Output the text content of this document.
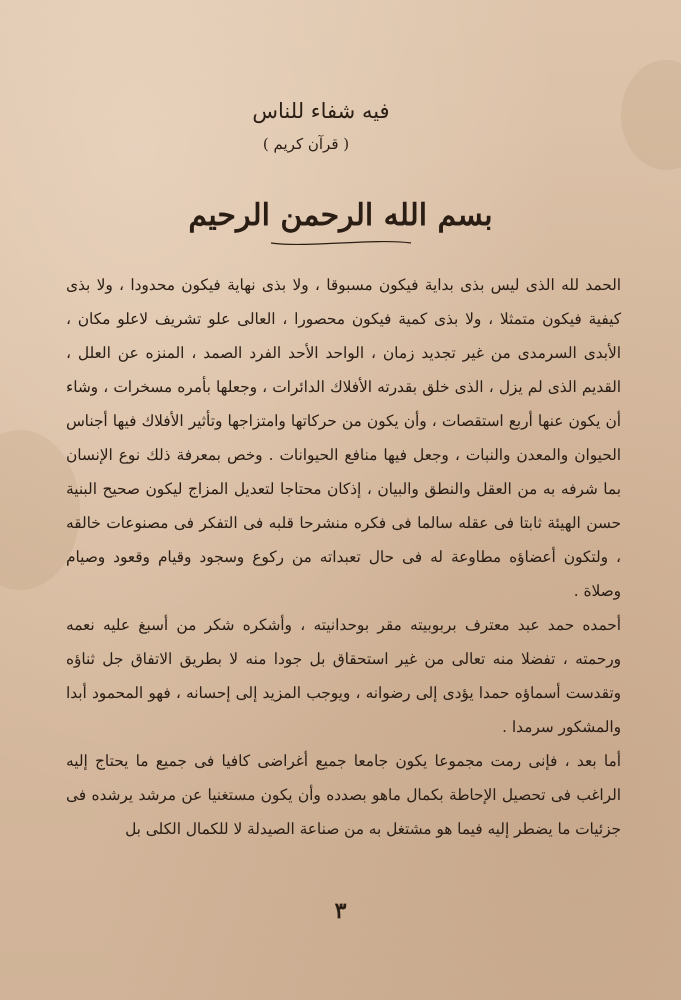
فيه شفاء للناس
( قرآن كريم )
بسم الله الرحمن الرحيم

الحمد لله الذى ليس بذى بداية فيكون مسبوقا ، ولا بذى نهاية فيكون محدودا ، ولا بذى كيفية فيكون متمثلا ، ولا بذى كمية فيكون محصورا ، العالى علو تشريف لاعلو مكان ، الأبدى السرمدى من غير تجديد زمان ، الواحد الأحد الفرد الصمد ، المنزه عن العلل ، القديم الذى لم يزل ، الذى خلق بقدرته الأفلاك الدائرات ، وجعلها بأمره مسخرات ، وشاء أن يكون عنها أربع استقصات ، وأن يكون من حركاتها وامتزاجها وتأثير الأفلاك فيها أجناس الحيوان والمعدن والنبات ، وجعل فيها منافع الحيوانات . وخص بمعرفة ذلك نوع الإنسان بما شرفه به من العقل والنطق والبيان ، إذكان محتاجا لتعديل المزاج ليكون صحيح البنية حسن الهيئة ثابتا فى عقله سالما فى فكره منشرحا قلبه فى التفكر فى مصنوعات خالقه ، ولتكون أعضاؤه مطاوعة له فى حال تعبداته من ركوع وسجود وقيام وقعود وصيام وصلاة .

أحمده حمد عبد معترف بربوبيته مقر بوحدانيته ، وأشكره شكر من أسبغ عليه نعمه ورحمته ، تفضلا منه تعالى من غير استحقاق بل جودا منه لا بطريق الاتفاق جل ثناؤه وتقدست أسماؤه حمدا يؤدى إلى رضوانه ، ويوجب المزيد إلى إحسانه ، فهو المحمود أبدا والمشكور سرمدا .

أما بعد ، فإنى رمت مجموعا يكون جامعا جميع أغراضى كافيا فى جميع ما يحتاج إليه الراغب فى تحصيل الإحاطة بكمال ماهو بصدده وأن يكون مستغنيا عن مرشد يرشده فى جزئيات ما يضطر إليه فيما هو مشتغل به من صناعة الصيدلة لا للكمال الكلى بل

٣
